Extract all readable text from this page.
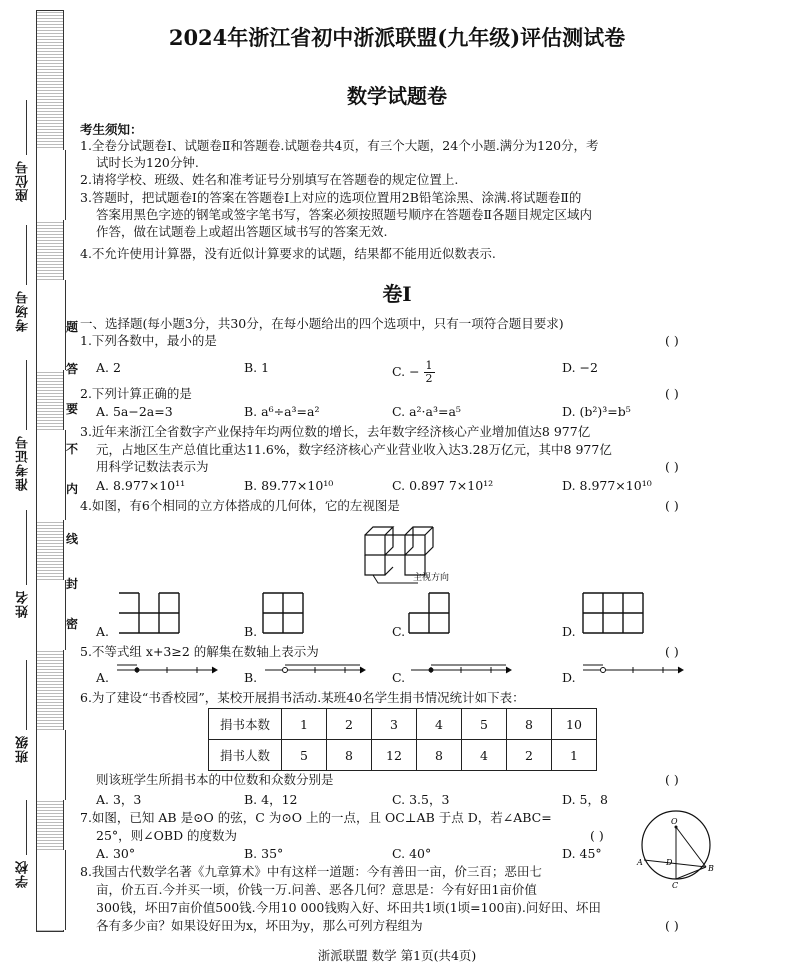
座位号
考场号
准考证号
姓名
班级
学校
题
答
要
不
内
线
封
密
2024年浙江省初中浙派联盟(九年级)评估测试卷
数学试题卷
考生须知：
1.全卷分试题卷Ⅰ、试题卷Ⅱ和答题卷.试题卷共4页，有三个大题，24个小题.满分为120分，考
试时长为120分钟.
2.请将学校、班级、姓名和准考证号分别填写在答题卷的规定位置上.
3.答题时，把试题卷Ⅰ的答案在答题卷Ⅰ上对应的选项位置用2B铅笔涂黑、涂满.将试题卷Ⅱ的
答案用黑色字迹的钢笔或签字笔书写，答案必须按照题号顺序在答题卷Ⅱ各题目规定区域内
作答，做在试题卷上或超出答题区域书写的答案无效.
4.不允许使用计算器，没有近似计算要求的试题，结果都不能用近似数表示.
卷Ⅰ
一、选择题(每小题3分，共30分，在每小题给出的四个选项中，只有一项符合题目要求)
1.下列各数中，最小的是	( )
A. 2	B. 1	C. − $\frac{1}{2}$	D. −2
2.下列计算正确的是	( )
A. 5a−2a=3	B. a⁶÷a³=a²	C. a²·a³=a⁵	D. (b²)³=b⁵
3.近年来浙江全省数字产业保持年均两位数的增长，去年数字经济核心产业增加值达8 977亿
元，占地区生产总值比重达11.6%，数字经济核心产业营业收入达3.28万亿元，其中8 977亿
用科学记数法表示为	( )
A. 8.977×10¹¹	B. 89.77×10¹⁰	C. 0.897 7×10¹²	D. 8.977×10¹⁰
4.如图，有6个相同的立方体搭成的几何体，它的左视图是	( )
主视方向
A.	B.	C.	D.
5.不等式组 x+3≥2 的解集在数轴上表示为	( )
A.	B.	C.	D.
6.为了建设“书香校园”，某校开展捐书活动.某班40名学生捐书情况统计如下表：
捐书本数	1	2	3	4	5	8	10
捐书人数	5	8	12	8	4	2	1
则该班学生所捐书本的中位数和众数分别是	( )
A. 3，3	B. 4，12	C. 3.5，3	D. 5，8
7.如图，已知 AB 是⊙O 的弦，C 为⊙O 上的一点，且 OC⊥AB 于点 D，若∠ABC=
25°，则∠OBD 的度数为	( )
A. 30°	B. 35°	C. 40°	D. 45°
O
A
B
C
D
8.我国古代数学名著《九章算术》中有这样一道题：今有善田一亩，价三百；恶田七
亩，价五百.今并买一顷，价钱一万.问善、恶各几何？意思是：今有好田1亩价值
300钱，坏田7亩价值500钱.今用10 000钱购入好、坏田共1顷(1顷=100亩).问好田、坏田
各有多少亩？如果设好田为x，坏田为y，那么可列方程组为	( )
浙派联盟 数学 第1页(共4页)
